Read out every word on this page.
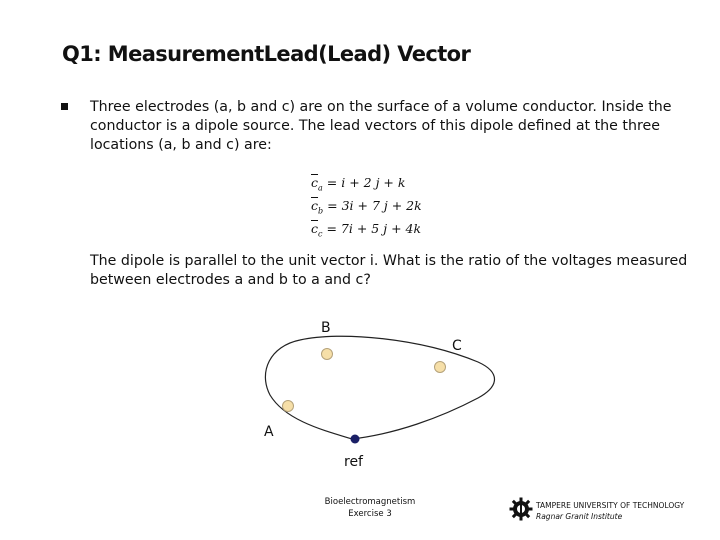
Q1: MeasurementLead(Lead) Vector
Three electrodes (a, b and c) are on the surface of a volume conductor. Inside the conductor is a dipole source. The lead vectors of this dipole defined at the three locations (a, b and c) are:
$\overline{c}_a = i + 2$ j + k
$\overline{c}_b = 3i + 7$ j + 2k
$\overline{c}_c = 7i + 5$ j + 4k
The dipole is parallel to the unit vector i. What is the ratio of the voltages measured between electrodes a and b to a and c?
B
C
A
ref
Bioelectromagnetism
Exercise 3
TAMPERE UNIVERSITY OF TECHNOLOGY
Ragnar Granit Institute
